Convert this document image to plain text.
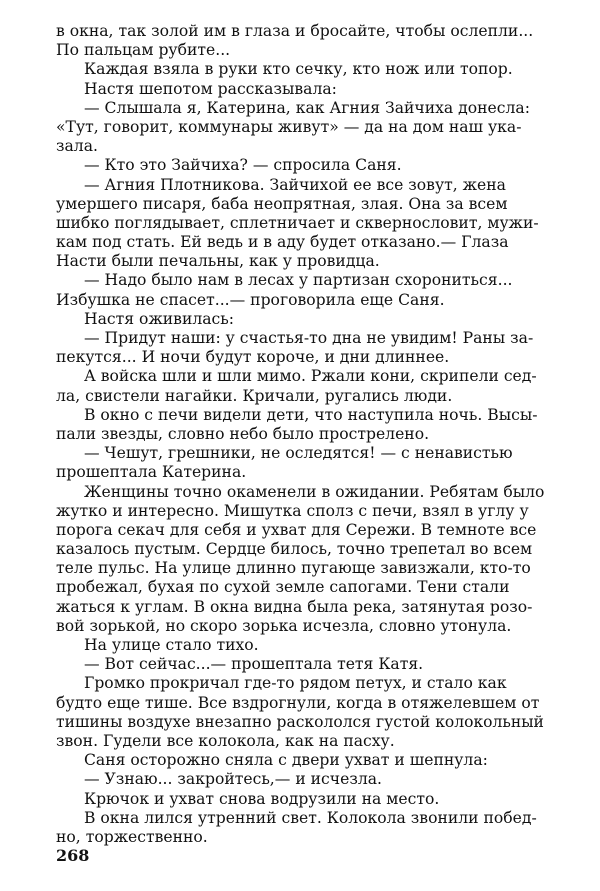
в окна, так золой им в глаза и бросайте, чтобы ослепли...
По пальцам рубите...
Каждая взяла в руки кто сечку, кто нож или топор.
Настя шепотом рассказывала:
— Слышала я, Катерина, как Агния Зайчиха донесла:
«Тут, говорит, коммунары живут» — да на дом наш ука-
зала.
— Кто это Зайчиха? — спросила Саня.
— Агния Плотникова. Зайчихой ее все зовут, жена
умершего писаря, баба неопрятная, злая. Она за всем
шибко поглядывает, сплетничает и сквернословит, мужи-
кам под стать. Ей ведь и в аду будет отказано.— Глаза
Насти были печальны, как у провидца.
— Надо было нам в лесах у партизан схорониться...
Избушка не спасет...— проговорила еще Саня.
Настя оживилась:
— Придут наши: у счастья-то дна не увидим! Раны за-
пекутся... И ночи будут короче, и дни длиннее.
А войска шли и шли мимо. Ржали кони, скрипели сед-
ла, свистели нагайки. Кричали, ругались люди.
В окно с печи видели дети, что наступила ночь. Высы-
пали звезды, словно небо было прострелено.
— Чешут, грешники, не оследятся! — с ненавистью
прошептала Катерина.
Женщины точно окаменели в ожидании. Ребятам было
жутко и интересно. Мишутка сполз с печи, взял в углу у
порога секач для себя и ухват для Сережи. В темноте все
казалось пустым. Сердце билось, точно трепетал во всем
теле пульс. На улице длинно пугающе завизжали, кто-то
пробежал, бухая по сухой земле сапогами. Тени стали
жаться к углам. В окна видна была река, затянутая розо-
вой зорькой, но скоро зорька исчезла, словно утонула.
На улице стало тихо.
— Вот сейчас...— прошептала тетя Катя.
Громко прокричал где-то рядом петух, и стало как
будто еще тише. Все вздрогнули, когда в отяжелевшем от
тишины воздухе внезапно раскололся густой колокольный
звон. Гудели все колокола, как на пасху.
Саня осторожно сняла с двери ухват и шепнула:
— Узнаю... закройтесь,— и исчезла.
Крючок и ухват снова водрузили на место.
В окна лился утренний свет. Колокола звонили побед-
но, торжественно.
268
